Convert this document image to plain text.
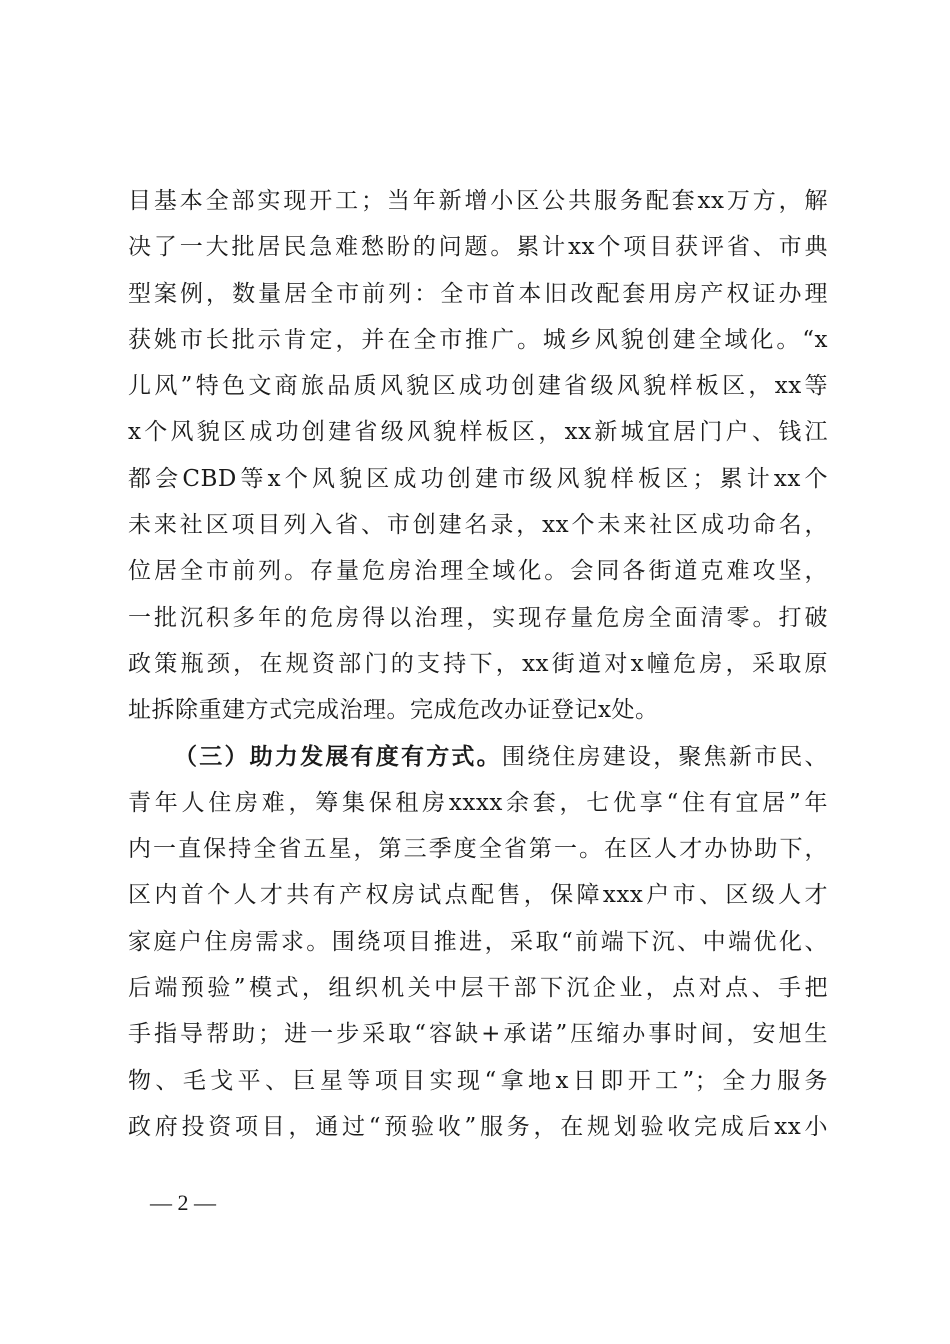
目基本全部实现开工；当年新增小区公共服务配套xx万方，解
决了一大批居民急难愁盼的问题。累计xx个项目获评省、市典
型案例，数量居全市前列：全市首本旧改配套用房产权证办理
获姚市长批示肯定，并在全市推广。城乡风貌创建全域化。“x
儿风”特色文商旅品质风貌区成功创建省级风貌样板区，xx等
x个风貌区成功创建省级风貌样板区，xx新城宜居门户、钱江
都会CBD等x个风貌区成功创建市级风貌样板区；累计xx个
未来社区项目列入省、市创建名录，xx个未来社区成功命名，
位居全市前列。存量危房治理全域化。会同各街道克难攻坚，
一批沉积多年的危房得以治理，实现存量危房全面清零。打破
政策瓶颈，在规资部门的支持下，xx街道对x幢危房，采取原
址拆除重建方式完成治理。完成危改办证登记x处。
（三）助力发展有度有方式。围绕住房建设，聚焦新市民、
青年人住房难，筹集保租房xxxx余套，七优享“住有宜居”年
内一直保持全省五星，第三季度全省第一。在区人才办协助下，
区内首个人才共有产权房试点配售，保障xxx户市、区级人才
家庭户住房需求。围绕项目推进，采取“前端下沉、中端优化、
后端预验”模式，组织机关中层干部下沉企业，点对点、手把
手指导帮助；进一步采取“容缺+承诺”压缩办事时间，安旭生
物、毛戈平、巨星等项目实现“拿地x日即开工”；全力服务
政府投资项目，通过“预验收”服务，在规划验收完成后xx小
— 2 —
